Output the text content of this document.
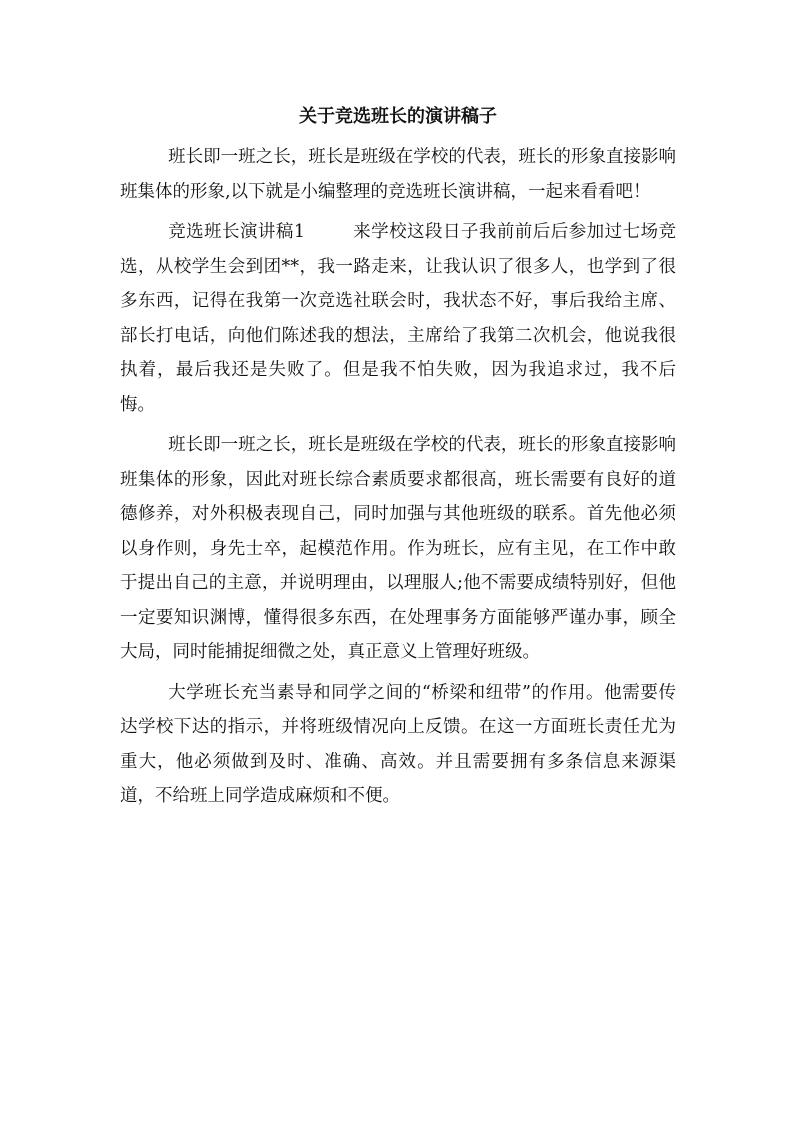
关于竞选班长的演讲稿子

班长即一班之长，班长是班级在学校的代表，班长的形象直接影响班集体的形象,以下就是小编整理的竞选班长演讲稿，一起来看看吧！

竞选班长演讲稿1        来学校这段日子我前前后后参加过七场竞选，从校学生会到团**，我一路走来，让我认识了很多人，也学到了很多东西，记得在我第一次竞选社联会时，我状态不好，事后我给主席、部长打电话，向他们陈述我的想法，主席给了我第二次机会，他说我很执着，最后我还是失败了。但是我不怕失败，因为我追求过，我不后悔。

班长即一班之长，班长是班级在学校的代表，班长的形象直接影响班集体的形象，因此对班长综合素质要求都很高，班长需要有良好的道德修养，对外积极表现自己，同时加强与其他班级的联系。首先他必须以身作则，身先士卒，起模范作用。作为班长，应有主见，在工作中敢于提出自己的主意，并说明理由，以理服人;他不需要成绩特别好，但他一定要知识渊博，懂得很多东西，在处理事务方面能够严谨办事，顾全大局，同时能捕捉细微之处，真正意义上管理好班级。

大学班长充当素导和同学之间的“桥梁和纽带”的作用。他需要传达学校下达的指示，并将班级情况向上反馈。在这一方面班长责任尤为重大，他必须做到及时、准确、高效。并且需要拥有多条信息来源渠道，不给班上同学造成麻烦和不便。
